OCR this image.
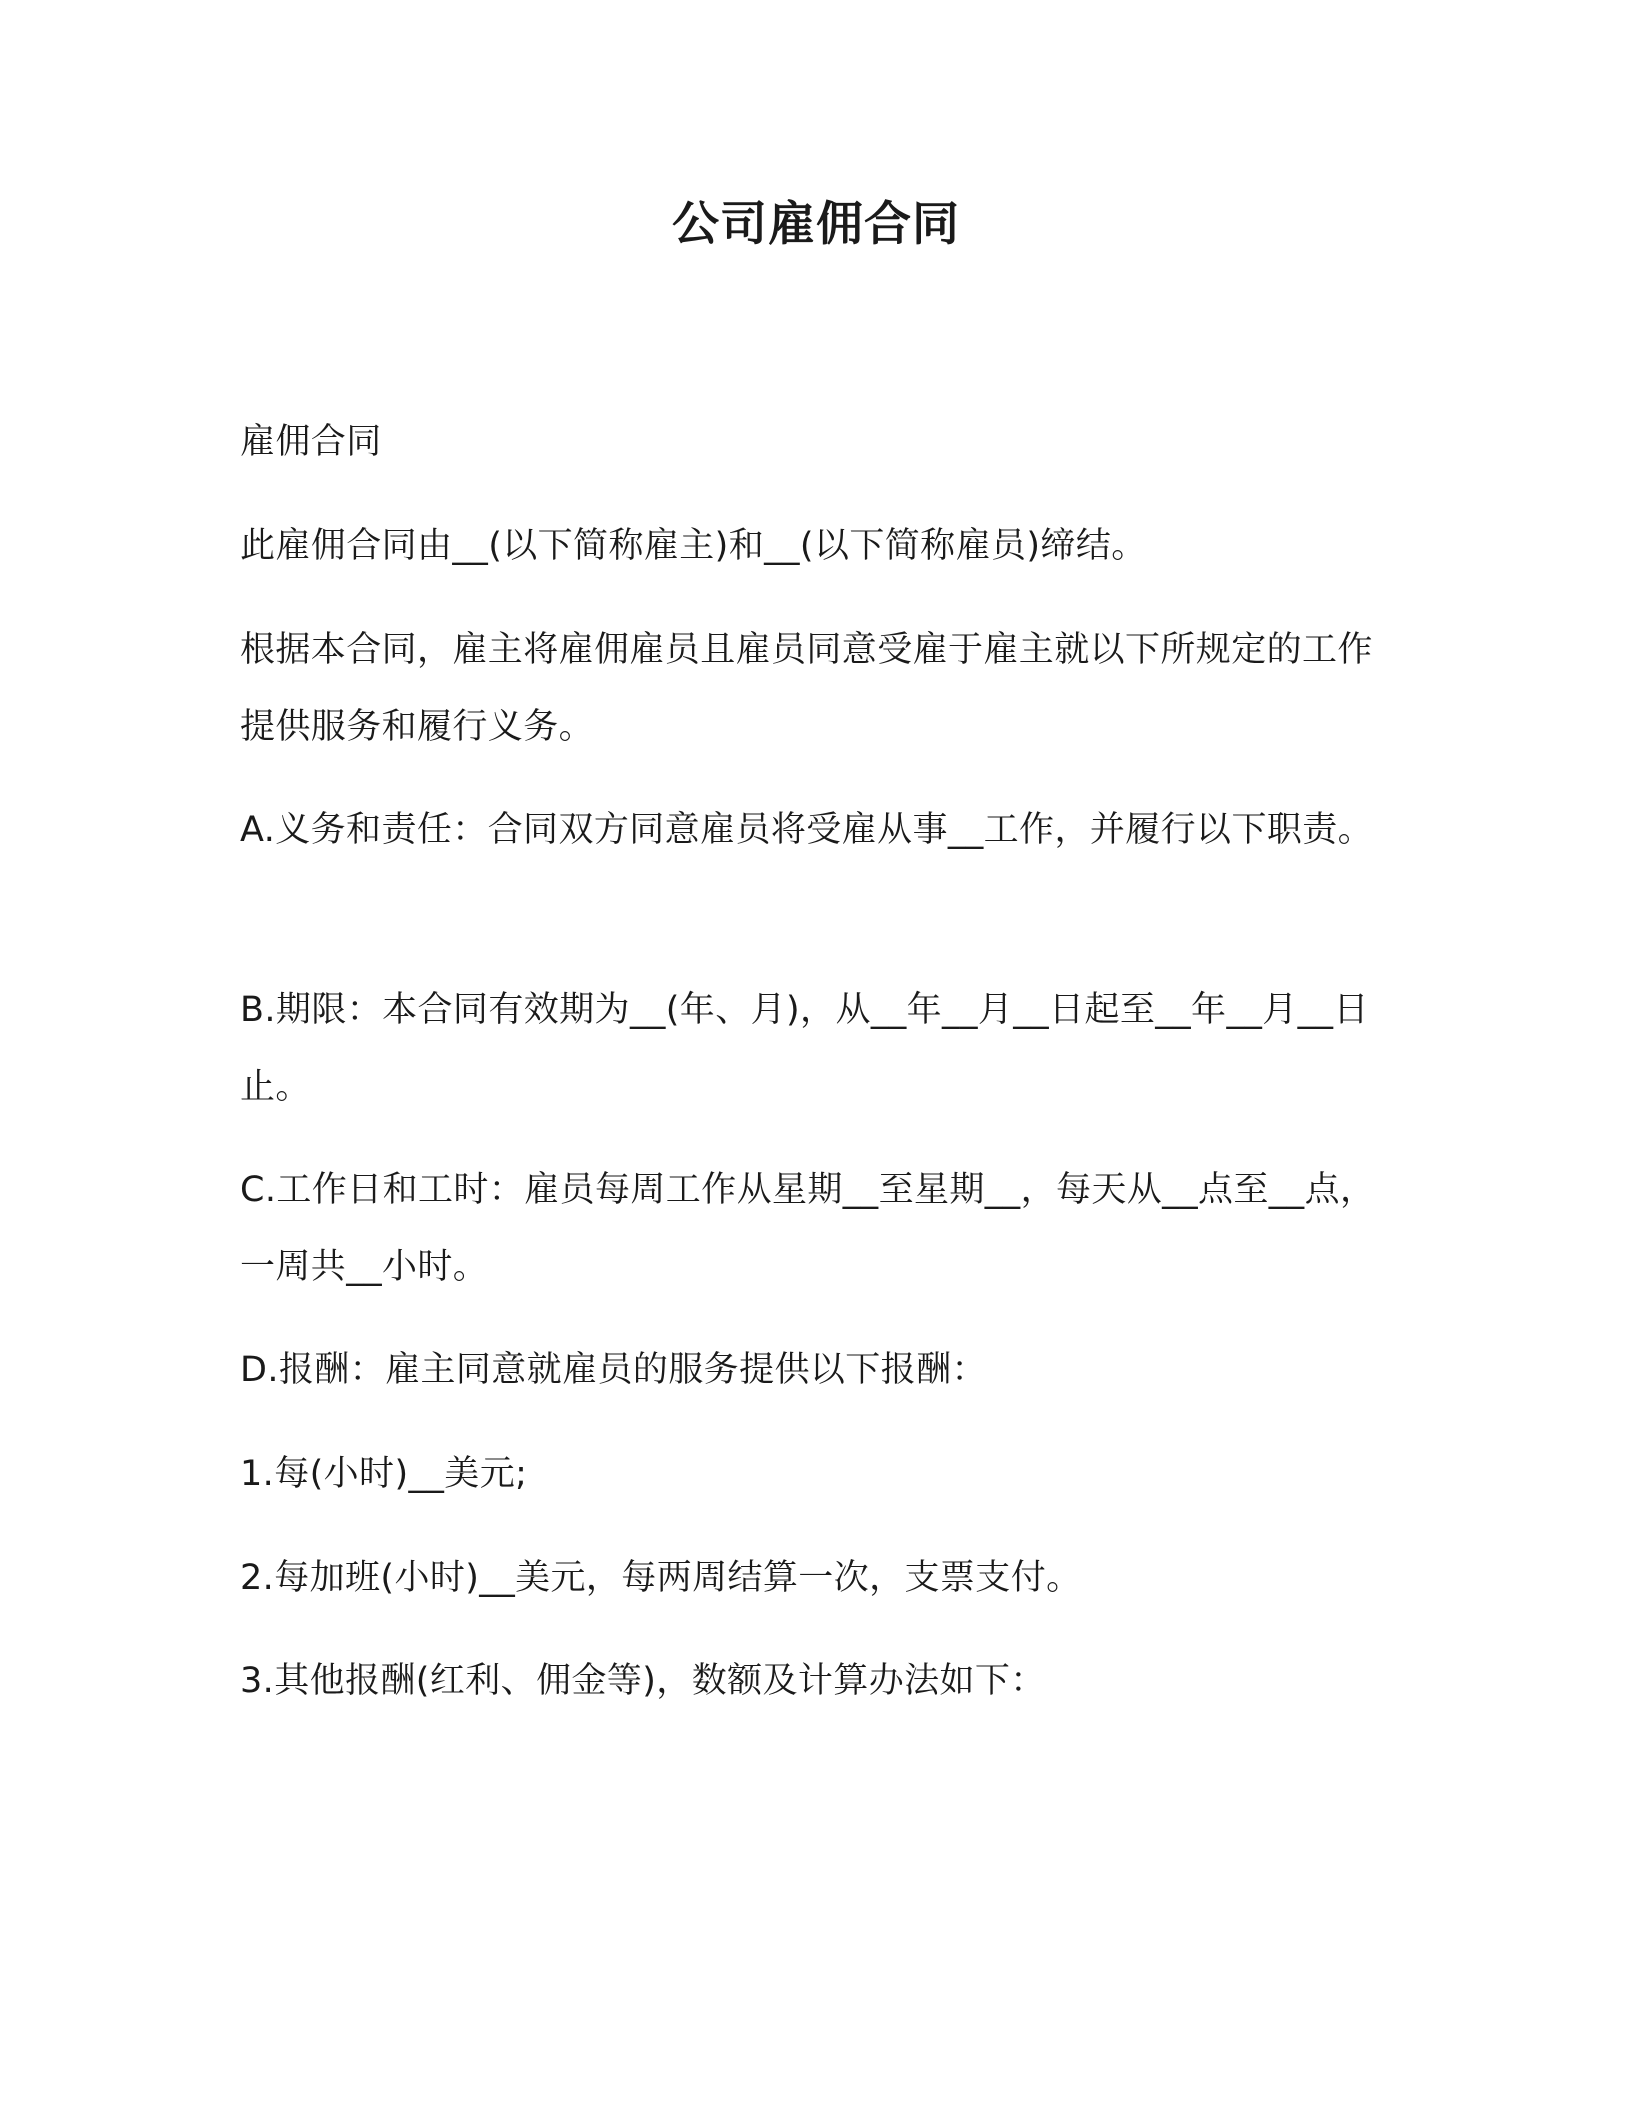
公司雇佣合同
雇佣合同
此雇佣合同由__(以下简称雇主)和__(以下简称雇员)缔结。
根据本合同，雇主将雇佣雇员且雇员同意受雇于雇主就以下所规定的工作提供服务和履行义务。
A.义务和责任：合同双方同意雇员将受雇从事__工作，并履行以下职责。
B.期限：本合同有效期为__(年、月)，从__年__月__日起至__年__月__日止。
C.工作日和工时：雇员每周工作从星期__至星期__，每天从__点至__点，一周共__小时。
D.报酬：雇主同意就雇员的服务提供以下报酬：
1.每(小时)__美元;
2.每加班(小时)__美元，每两周结算一次，支票支付。
3.其他报酬(红利、佣金等)，数额及计算办法如下：
